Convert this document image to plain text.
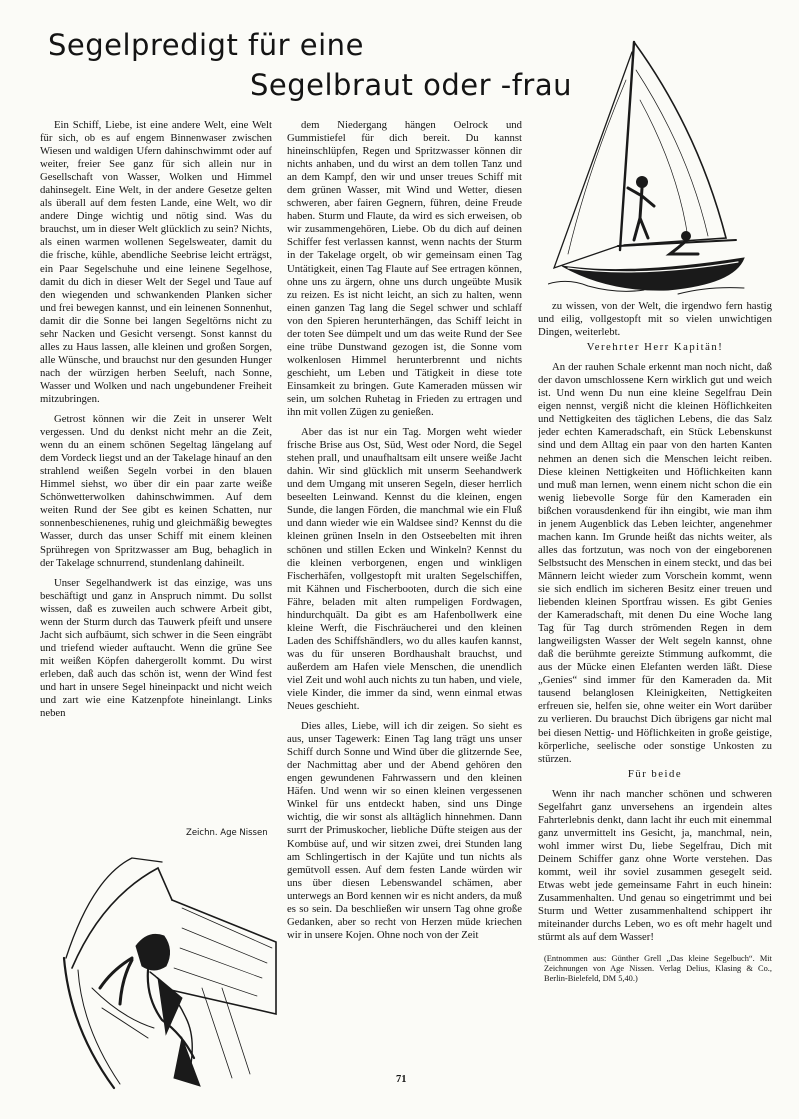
Segelpredigt für eine
Segelbraut oder -frau

Ein Schiff, Liebe, ist eine andere Welt, eine Welt für sich, ob es auf engem Binnenwaser zwischen Wiesen und waldigen Ufern dahinschwimmt oder auf weiter, freier See ganz für sich allein nur in Gesellschaft von Wasser, Wolken und Himmel dahinsegelt. Eine Welt, in der andere Gesetze gelten als überall auf dem festen Lande, eine Welt, wo dir andere Dinge wichtig und nötig sind. Was du brauchst, um in dieser Welt glücklich zu sein? Nichts, als einen warmen wollenen Segelsweater, damit du die frische, kühle, abendliche Seebrise leicht erträgst, ein Paar Segelschuhe und eine leinene Segelhose, damit du dich in dieser Welt der Segel und Taue auf den wiegenden und schwankenden Planken sicher und frei bewegen kannst, und ein leinenen Sonnenhut, damit dir die Sonne bei langen Segeltörns nicht zu sehr Nacken und Gesicht versengt. Sonst kannst du alles zu Haus lassen, alle kleinen und großen Sorgen, alle Wünsche, und brauchst nur den gesunden Hunger nach der würzigen herben Seeluft, nach Sonne, Wasser und Wolken und nach ungebundener Freiheit mitzubringen.

Getrost können wir die Zeit in unserer Welt vergessen. Und du denkst nicht mehr an die Zeit, wenn du an einem schönen Segeltag längelang auf dem Vordeck liegst und an der Takelage hinauf an den strahlend weißen Segeln vorbei in den blauen Himmel siehst, wo über dir ein paar zarte weiße Schönwetterwolken dahinschwimmen. Auf dem weiten Rund der See gibt es keinen Schatten, nur sonnenbeschienenes, ruhig und gleichmäßig bewegtes Wasser, durch das unser Schiff mit einem kleinen Sprühregen von Spritzwasser am Bug, behaglich in der Takelage schnurrend, stundenlang dahineilt.

Unser Segelhandwerk ist das einzige, was uns beschäftigt und ganz in Anspruch nimmt. Du sollst wissen, daß es zuweilen auch schwere Arbeit gibt, wenn der Sturm durch das Tauwerk pfeift und unsere Jacht sich aufbäumt, sich schwer in die Seen eingräbt und triefend wieder auftaucht. Wenn die grüne See mit weißen Köpfen dahergerollt kommt. Du wirst erleben, daß auch das schön ist, wenn der Wind fest und hart in unsere Segel hineinpackt und nicht weich und zart wie eine Katzenpfote hineinlangt. Links neben

Zeichn. Age Nissen

dem Niedergang hängen Oelrock und Gummistiefel für dich bereit. Du kannst hineinschlüpfen, Regen und Spritzwasser können dir nichts anhaben, und du wirst an dem tollen Tanz und an dem Kampf, den wir und unser treues Schiff mit dem grünen Wasser, mit Wind und Wetter, diesen schweren, aber fairen Gegnern, führen, deine Freude haben. Sturm und Flaute, da wird es sich erweisen, ob wir zusammengehören, Liebe. Ob du dich auf deinen Schiffer fest verlassen kannst, wenn nachts der Sturm in der Takelage orgelt, ob wir gemeinsam einen Tag Untätigkeit, einen Tag Flaute auf See ertragen können, ohne uns zu ärgern, ohne uns durch ungeübte Musik zu reizen. Es ist nicht leicht, an sich zu halten, wenn einen ganzen Tag lang die Segel schwer und schlaff von den Spieren herunterhängen, das Schiff leicht in der toten See dümpelt und um das weite Rund der See eine trübe Dunstwand gezogen ist, die Sonne vom wolkenlosen Himmel herunterbrennt und nichts geschieht, um Leben und Tätigkeit in diese tote Einsamkeit zu bringen. Gute Kameraden müssen wir sein, um solchen Ruhetag in Frieden zu ertragen und ihn mit vollen Zügen zu genießen.

Aber das ist nur ein Tag. Morgen weht wieder frische Brise aus Ost, Süd, West oder Nord, die Segel stehen prall, und unaufhaltsam eilt unsere weiße Jacht dahin. Wir sind glücklich mit unserm Seehandwerk und dem Umgang mit unseren Segeln, dieser herrlich beseelten Leinwand. Kennst du die kleinen, engen Sunde, die langen Förden, die manchmal wie ein Fluß und dann wieder wie ein Waldsee sind? Kennst du die kleinen grünen Inseln in den Ostseebelten mit ihren schönen und stillen Ecken und Winkeln? Kennst du die kleinen verborgenen, engen und winkligen Fischerhäfen, vollgestopft mit uralten Segelschiffen, mit Kähnen und Fischerbooten, durch die sich eine Fähre, beladen mit alten rumpeligen Fordwagen, hindurchquält. Da gibt es am Hafenbollwerk eine kleine Werft, die Fischräucherei und den kleinen Laden des Schiffshändlers, wo du alles kaufen kannst, was du für unseren Bordhaushalt brauchst, und außerdem am Hafen viele Menschen, die unendlich viel Zeit und wohl auch nichts zu tun haben, und viele, viele Kinder, die immer da sind, wenn einmal etwas Neues geschieht.

Dies alles, Liebe, will ich dir zeigen. So sieht es aus, unser Tagewerk: Einen Tag lang trägt uns unser Schiff durch Sonne und Wind über die glitzernde See, der Nachmittag aber und der Abend gehören den engen gewundenen Fahrwassern und den kleinen Häfen. Und wenn wir so einen kleinen vergessenen Winkel für uns entdeckt haben, sind uns Dinge wichtig, die wir sonst als alltäglich hinnehmen. Dann surrt der Primuskocher, liebliche Düfte steigen aus der Kombüse auf, und wir sitzen zwei, drei Stunden lang am Schlingertisch in der Kajüte und tun nichts als gemütvoll essen. Auf dem festen Lande würden wir uns über diesen Lebenswandel schämen, aber unterwegs an Bord kennen wir es nicht anders, da muß es so sein. Da beschließen wir unsern Tag ohne große Gedanken, aber so recht von Herzen müde kriechen wir in unsere Kojen. Ohne noch von der Zeit

zu wissen, von der Welt, die irgendwo fern hastig und eilig, vollgestopft mit so vielen unwichtigen Dingen, weiterlebt.

Verehrter Herr Kapitän!

An der rauhen Schale erkennt man noch nicht, daß der davon umschlossene Kern wirklich gut und weich ist. Und wenn Du nun eine kleine Segelfrau Dein eigen nennst, vergiß nicht die kleinen Höflichkeiten und Nettigkeiten des täglichen Lebens, die das Salz jeder echten Kameradschaft, ein Stück Lebenskunst sind und dem Alltag ein paar von den harten Kanten nehmen an denen sich die Menschen leicht reiben. Diese kleinen Nettigkeiten und Höflichkeiten kann und muß man lernen, wenn einem nicht schon die ein wenig liebevolle Sorge für den Kameraden ein bißchen vorausdenkend für ihn eingibt, wie man ihm in jenem Augenblick das Leben leichter, angenehmer machen kann. Im Grunde heißt das nichts weiter, als alles das fortzutun, was noch von der eingeborenen Selbstsucht des Menschen in einem steckt, und das bei Männern leicht wieder zum Vorschein kommt, wenn sie sich endlich im sicheren Besitz einer treuen und liebenden kleinen Sportfrau wissen. Es gibt Genies der Kameradschaft, mit denen Du eine Woche lang Tag für Tag durch strömenden Regen in dem langweiligsten Wasser der Welt segeln kannst, ohne daß die berühmte gereizte Stimmung aufkommt, die aus der Mücke einen Elefanten werden läßt. Diese „Genies“ sind immer für den Kameraden da. Mit tausend belanglosen Kleinigkeiten, Nettigkeiten erfreuen sie, helfen sie, ohne weiter ein Wort darüber zu verlieren. Du brauchst Dich übrigens gar nicht mal bei diesen Nettig- und Höflichkeiten in große geistige, körperliche, seelische oder sonstige Unkosten zu stürzen.

Für beide

Wenn ihr nach mancher schönen und schweren Segelfahrt ganz unversehens an irgendein altes Fahrterlebnis denkt, dann lacht ihr euch mit einemmal ganz unvermittelt ins Gesicht, ja, manchmal, nein, wohl immer wirst Du, liebe Segelfrau, Dich mit Deinem Schiffer ganz ohne Worte verstehen. Das kommt, weil ihr soviel zusammen gesegelt seid. Etwas webt jede gemeinsame Fahrt in euch hinein: Zusammenhalten. Und genau so eingetrimmt und bei Sturm und Wetter zusammenhaltend schippert ihr miteinander durchs Leben, wo es oft mehr hagelt und stürmt als auf dem Wasser!

(Entnommen aus: Günther Grell „Das kleine Segelbuch“. Mit Zeichnungen von Age Nissen. Verlag Delius, Klasing & Co., Berlin-Bielefeld, DM 5,40.)

71
